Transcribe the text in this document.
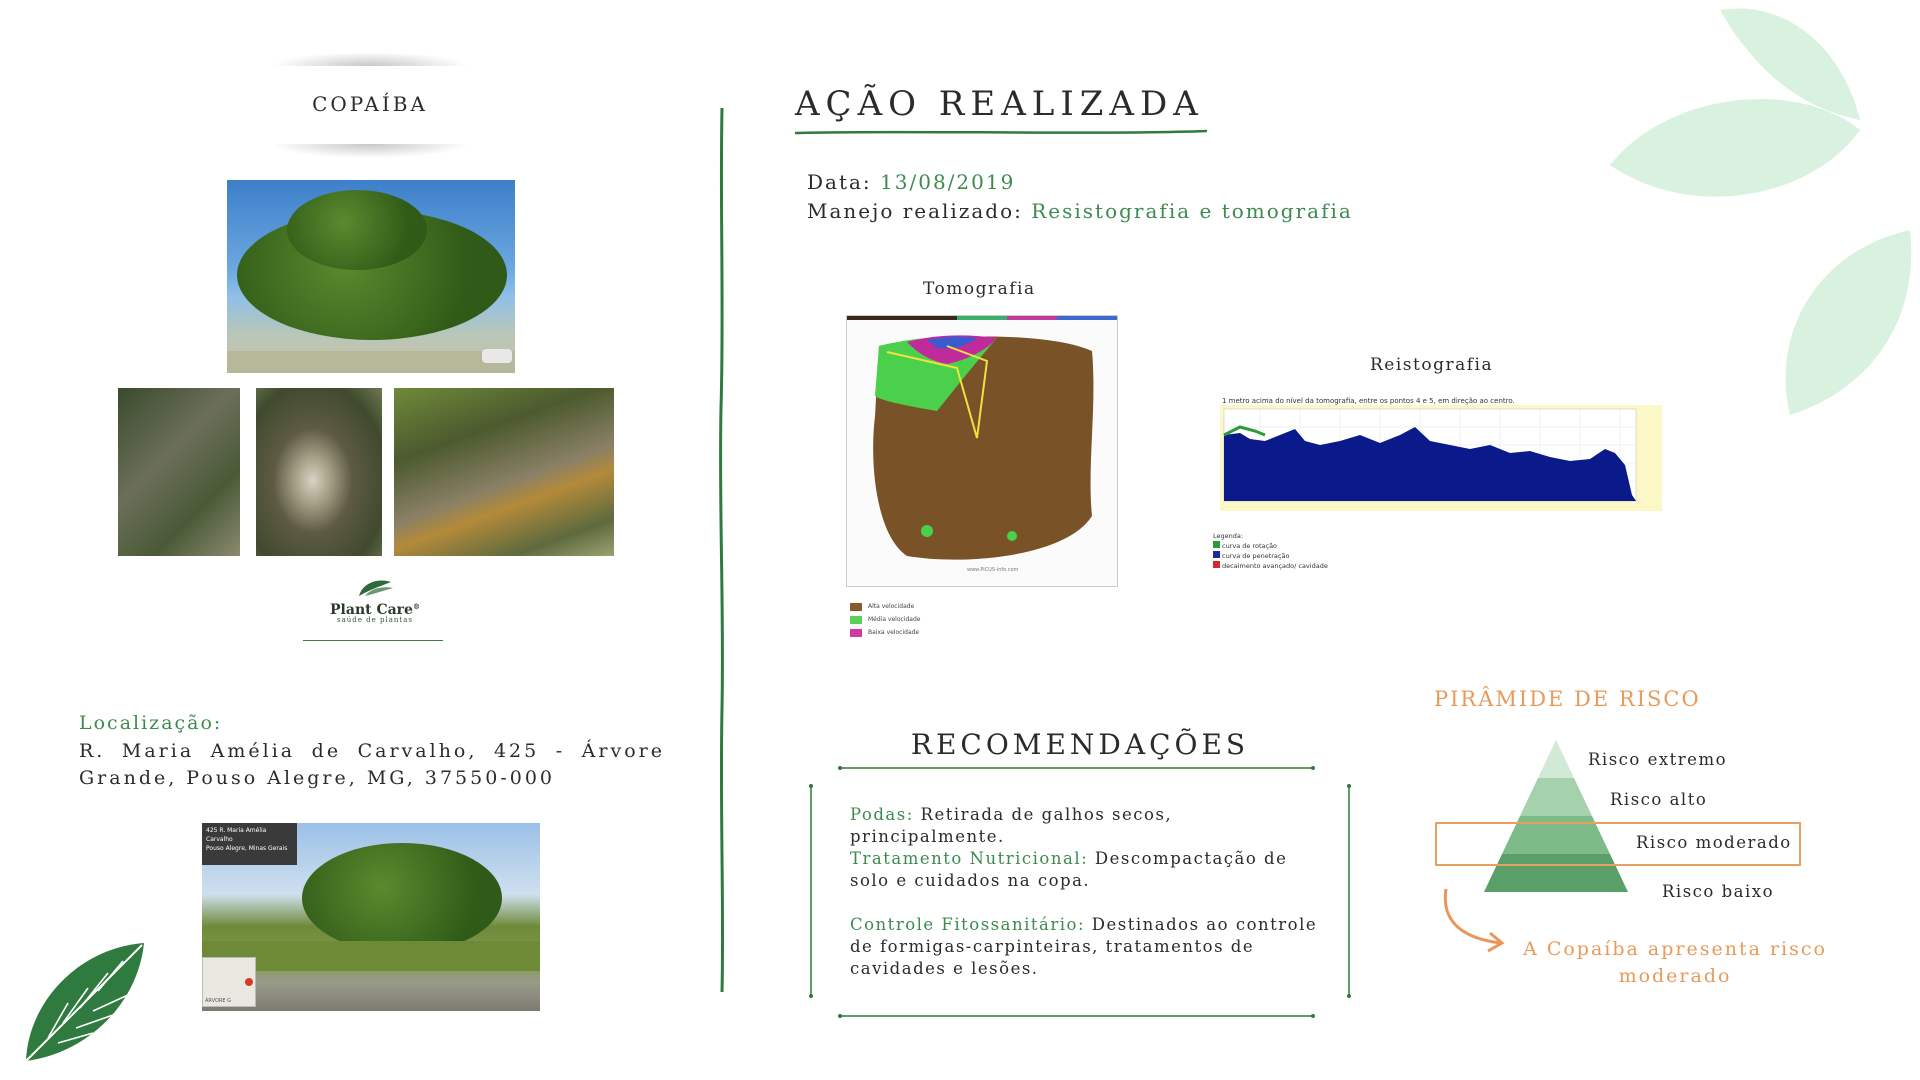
COPAÍBA
Plant Care®
saúde de plantas
Localização:
R. Maria Amélia de Carvalho, 425 - Árvore Grande, Pouso Alegre, MG, 37550-000
425 R. Maria Amélia Carvalho
Pouso Alegre, Minas Gerais
ÁRVORE G
AÇÃO REALIZADA
Data: 13/08/2019
Manejo realizado: Resistografia e tomografia
Tomografia
www.PiCUS-info.com
Alta velocidade
Média velocidade
Baixa velocidade
Reistografia
1 metro acima do nível da tomografia, entre os pontos 4 e 5, em direção ao centro.
Legenda:
curva de rotação
curva de penetração
decaimento avançado/ cavidade
RECOMENDAÇÕES
Podas: Retirada de galhos secos, principalmente.
Tratamento Nutricional: Descompactação de solo e cuidados na copa.
Controle Fitossanitário: Destinados ao controle de formigas-carpinteiras, tratamentos de cavidades e lesões.
PIRÂMIDE DE RISCO
Risco extremo
Risco alto
Risco moderado
Risco baixo
A Copaíba apresenta risco moderado
